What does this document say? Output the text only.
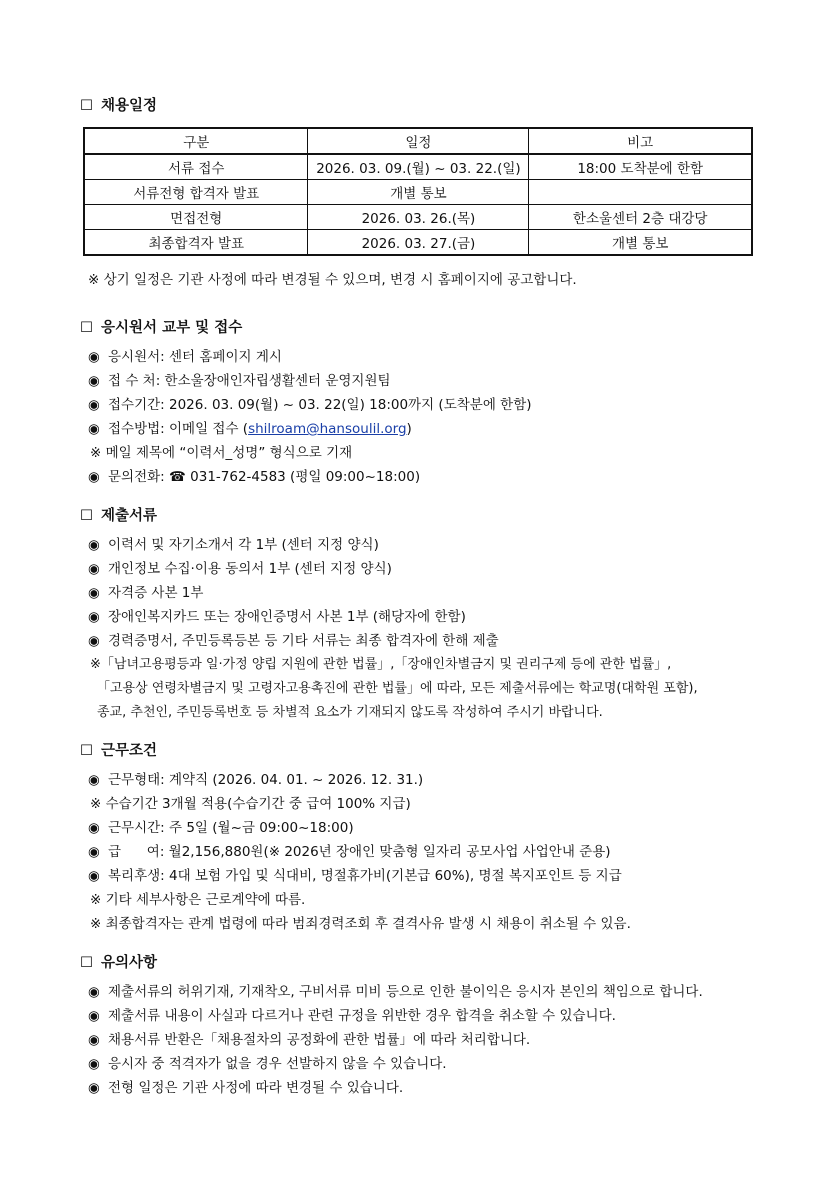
☐ 채용일정
구분	일정	비고
서류 접수	2026. 03. 09.(월) ~ 03. 22.(일)	18:00 도착분에 한함
서류전형 합격자 발표	개별 통보	
면접전형	2026. 03. 26.(목)	한소울센터 2층 대강당
최종합격자 발표	2026. 03. 27.(금)	개별 통보
※ 상기 일정은 기관 사정에 따라 변경될 수 있으며, 변경 시 홈페이지에 공고합니다.
☐ 응시원서 교부 및 접수
◉ 응시원서: 센터 홈페이지 게시
◉ 접 수 처: 한소울장애인자립생활센터 운영지원팀
◉ 접수기간: 2026. 03. 09(월) ~ 03. 22(일) 18:00까지 (도착분에 한함)
◉ 접수방법: 이메일 접수 (shilroam@hansoulil.org)
※ 메일 제목에 “이력서_성명” 형식으로 기재
◉ 문의전화: ☎ 031-762-4583 (평일 09:00~18:00)
☐ 제출서류
◉ 이력서 및 자기소개서 각 1부 (센터 지정 양식)
◉ 개인정보 수집·이용 동의서 1부 (센터 지정 양식)
◉ 자격증 사본 1부
◉ 장애인복지카드 또는 장애인증명서 사본 1부 (해당자에 한함)
◉ 경력증명서, 주민등록등본 등 기타 서류는 최종 합격자에 한해 제출
※「남녀고용평등과 일·가정 양립 지원에 관한 법률」,「장애인차별금지 및 권리구제 등에 관한 법률」,
「고용상 연령차별금지 및 고령자고용촉진에 관한 법률」에 따라, 모든 제출서류에는 학교명(대학원 포함),
종교, 추천인, 주민등록번호 등 차별적 요소가 기재되지 않도록 작성하여 주시기 바랍니다.
☐ 근무조건
◉ 근무형태: 계약직 (2026. 04. 01. ~ 2026. 12. 31.)
※ 수습기간 3개월 적용(수습기간 중 급여 100% 지급)
◉ 근무시간: 주 5일 (월~금 09:00~18:00)
◉ 급      여: 월2,156,880원(※ 2026년 장애인 맞춤형 일자리 공모사업 사업안내 준용)
◉ 복리후생: 4대 보험 가입 및 식대비, 명절휴가비(기본급 60%), 명절 복지포인트 등 지급
※ 기타 세부사항은 근로계약에 따름.
※ 최종합격자는 관계 법령에 따라 범죄경력조회 후 결격사유 발생 시 채용이 취소될 수 있음.
☐ 유의사항
◉ 제출서류의 허위기재, 기재착오, 구비서류 미비 등으로 인한 불이익은 응시자 본인의 책임으로 합니다.
◉ 제출서류 내용이 사실과 다르거나 관련 규정을 위반한 경우 합격을 취소할 수 있습니다.
◉ 채용서류 반환은「채용절차의 공정화에 관한 법률」에 따라 처리합니다.
◉ 응시자 중 적격자가 없을 경우 선발하지 않을 수 있습니다.
◉ 전형 일정은 기관 사정에 따라 변경될 수 있습니다.
